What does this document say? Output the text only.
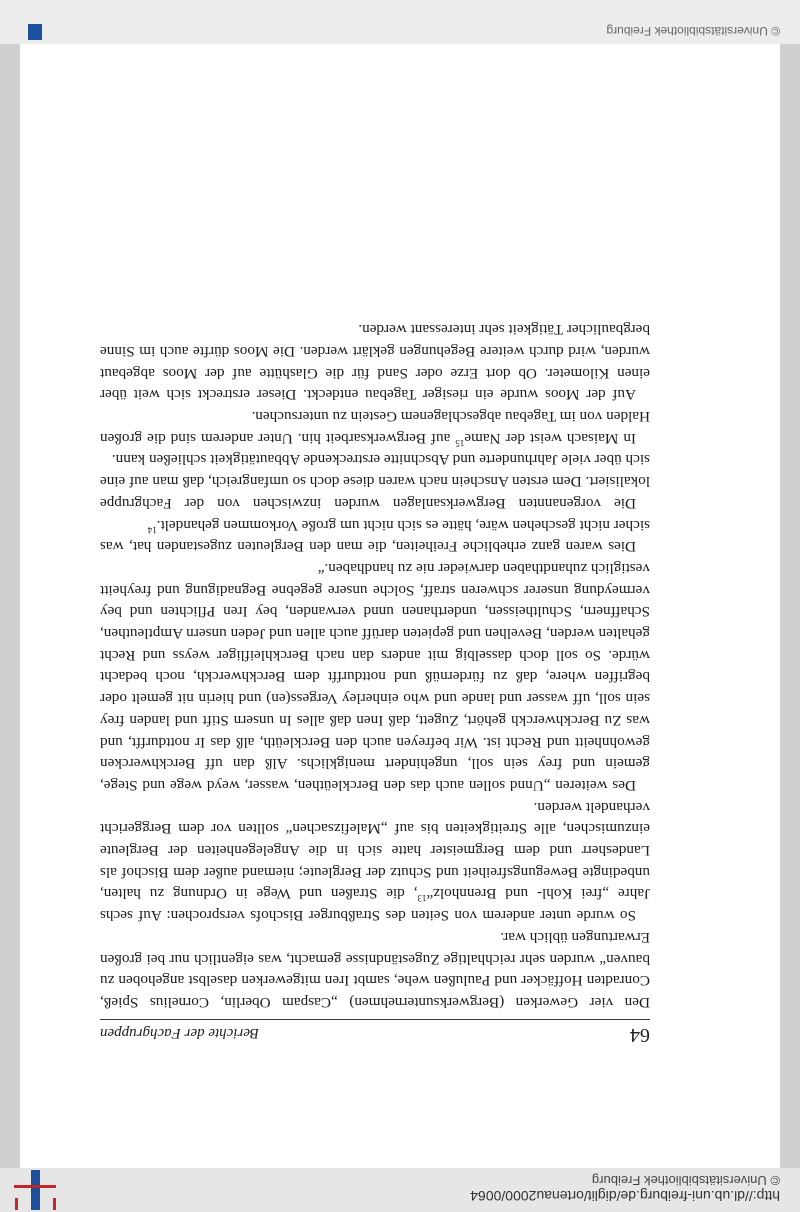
http://dl.ub.uni-freiburg.de/diglit/ortenau2000/0064
© Universitätsbibliothek Freiburg
64
Berichte der Fachgruppen

Den vier Gewerken (Bergwerksunternehmen) „Caspam Oberlin, Cornelius Spieß, Conradten Hoffäcker und Paulußen wehe, sambt Iren mitgewerken daselbst angehoben zu bauven“ wurden sehr reichhaltige Zugeständnisse gemacht, was eigentlich nur bei großen Erwartungen üblich war.

So wurde unter anderem von Seiten des Straßburger Bischofs versprochen: Auf sechs Jahre „frei Kohl- und Brennholz“$^{13}$, die Straßen und Wege in Ordnung zu halten, unbedingte Bewegungsfreiheit und Schutz der Bergleute; niemand außer dem Bischof als Landesherr und dem Bergmeister hatte sich in die Angelegenheiten der Bergleute einzumischen, alle Streitigkeiten bis auf „Malefizsachen“ sollten vor dem Berggericht verhandelt werden.

Des weiteren „Unnd sollen auch das den Berckleüthen, wasser, weyd wege und Stege, gemein und frey sein soll, ungehindert menigklichs. Alß dan uff Berckhwercken gewohnheitt und Recht ist. Wir befreyen auch den Berckleüth, alß das Ir nottdurfft, und was Zu Berckhwerckh gehört, Zugett, daß Inen daß alles In unsern Stift und landen frey sein soll, uff wasser und lande und who einherley Vergess(en) und hierin nit gemelt oder begriffen where, daß zu fürdernüß und nottdurfft dem Berckhwerckh, noch bedacht würde. So soll doch dasselbig mit anders dan nach Berckhleifliger weyss und Recht gehalten werden, Bevelhen und gepieten darüff auch allen und Jeden unsern Amptleuthen, Schaffnern, Schultheissen, underthanen unnd verwanden, bey Iren Pflichten und bey vermeydung unserer schweren straff, Solche unsere gegebne Begnadigung und freyheitt vestiglich zuhandthaben darwieder nie zu handhaben.“

Dies waren ganz erhebliche Freiheiten, die man den Bergleuten zugestanden hat, was sicher nicht geschehen wäre, hätte es sich nicht um große Vorkommen gehandelt.$^{14}$

Die vorgenannten Bergwerksanlagen wurden inzwischen von der Fachgruppe lokalisiert. Dem ersten Anschein nach waren diese doch so umfangreich, daß man auf eine sich über viele Jahrhunderte und Abschnitte erstreckende Abbautätigkeit schließen kann.

In Maisach weist der Name$^{15}$ auf Bergwerksarbeit hin. Unter anderem sind die großen Halden von im Tagebau abgeschlagenem Gestein zu untersuchen.

Auf der Moos wurde ein riesiger Tagebau entdeckt. Dieser erstreckt sich weit über einen Kilometer. Ob dort Erze oder Sand für die Glashütte auf der Moos abgebaut wurden, wird durch weitere Begehungen geklärt werden. Die Moos dürfte auch im Sinne bergbaulicher Tätigkeit sehr interessant werden.

© Universitätsbibliothek Freiburg
